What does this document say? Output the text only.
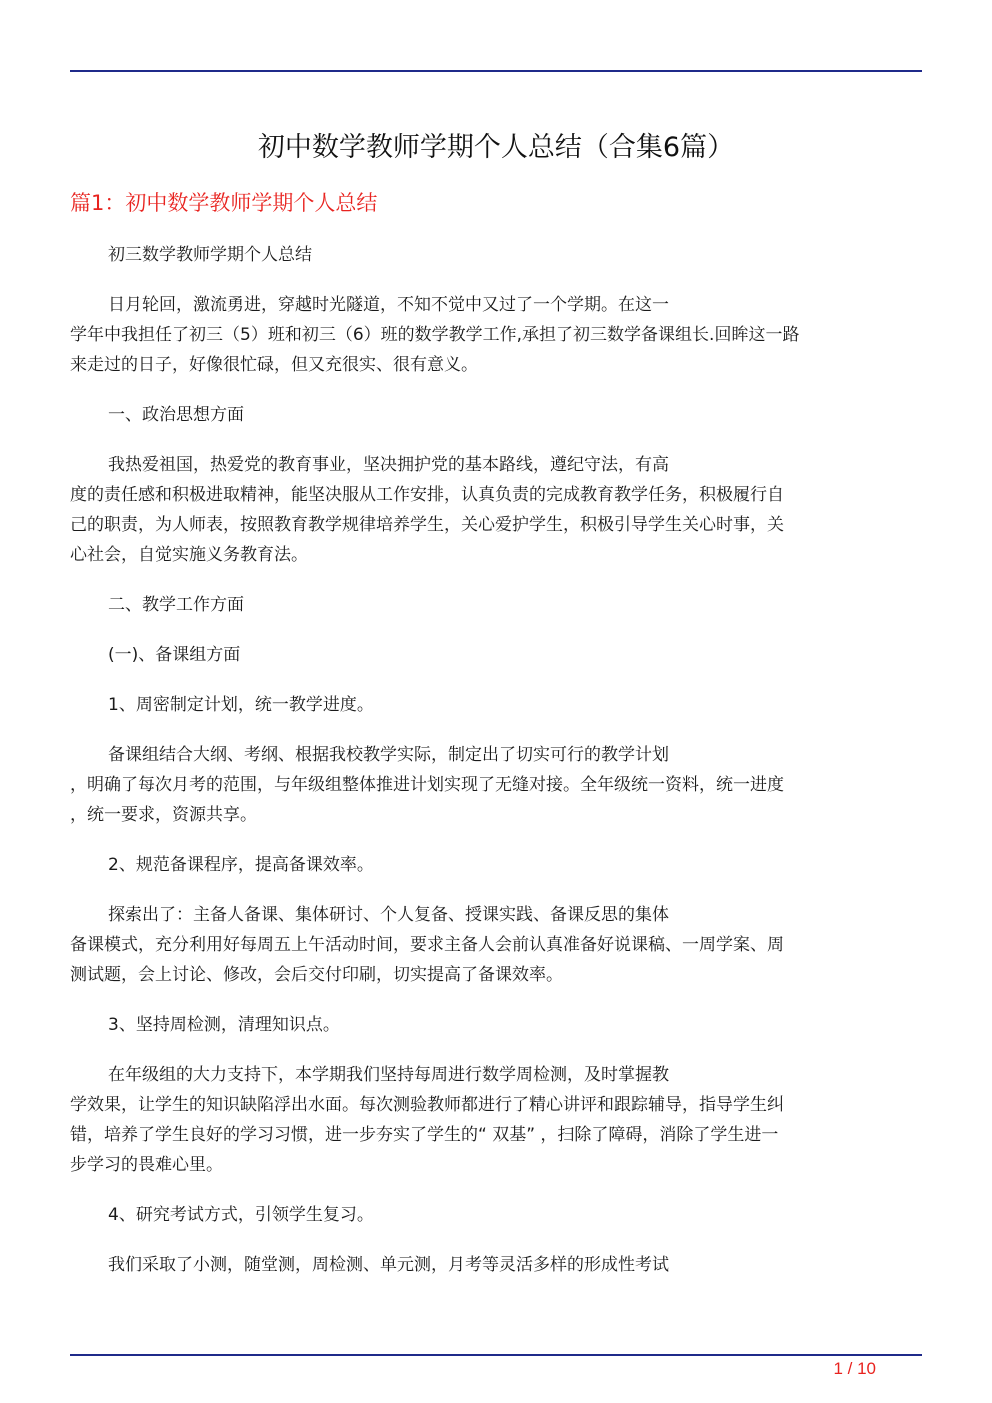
初中数学教师学期个人总结（合集6篇）
篇1：初中数学教师学期个人总结

初三数学教师学期个人总结

日月轮回，激流勇进，穿越时光隧道，不知不觉中又过了一个学期。在这一
学年中我担任了初三（5）班和初三（6）班的数学教学工作,承担了初三数学备课组长.回眸这一路
来走过的日子，好像很忙碌，但又充很实、很有意义。

一、政治思想方面

我热爱祖国，热爱党的教育事业，坚决拥护党的基本路线，遵纪守法，有高
度的责任感和积极进取精神，能坚决服从工作安排，认真负责的完成教育教学任务，积极履行自
己的职责，为人师表，按照教育教学规律培养学生，关心爱护学生，积极引导学生关心时事，关
心社会，自觉实施义务教育法。

二、教学工作方面

(一)、备课组方面

1、周密制定计划，统一教学进度。

备课组结合大纲、考纲、根据我校教学实际，制定出了切实可行的教学计划
，明确了每次月考的范围，与年级组整体推进计划实现了无缝对接。全年级统一资料，统一进度
，统一要求，资源共享。

2、规范备课程序，提高备课效率。

探索出了：主备人备课、集体研讨、个人复备、授课实践、备课反思的集体
备课模式，充分利用好每周五上午活动时间，要求主备人会前认真准备好说课稿、一周学案、周
测试题，会上讨论、修改，会后交付印刷，切实提高了备课效率。

3、坚持周检测，清理知识点。

在年级组的大力支持下，本学期我们坚持每周进行数学周检测，及时掌握教
学效果，让学生的知识缺陷浮出水面。每次测验教师都进行了精心讲评和跟踪辅导，指导学生纠
错，培养了学生良好的学习习惯，进一步夯实了学生的“ 双基” ，扫除了障碍，消除了学生进一
步学习的畏难心里。

4、研究考试方式，引领学生复习。

我们采取了小测，随堂测，周检测、单元测，月考等灵活多样的形成性考试

1 / 10
